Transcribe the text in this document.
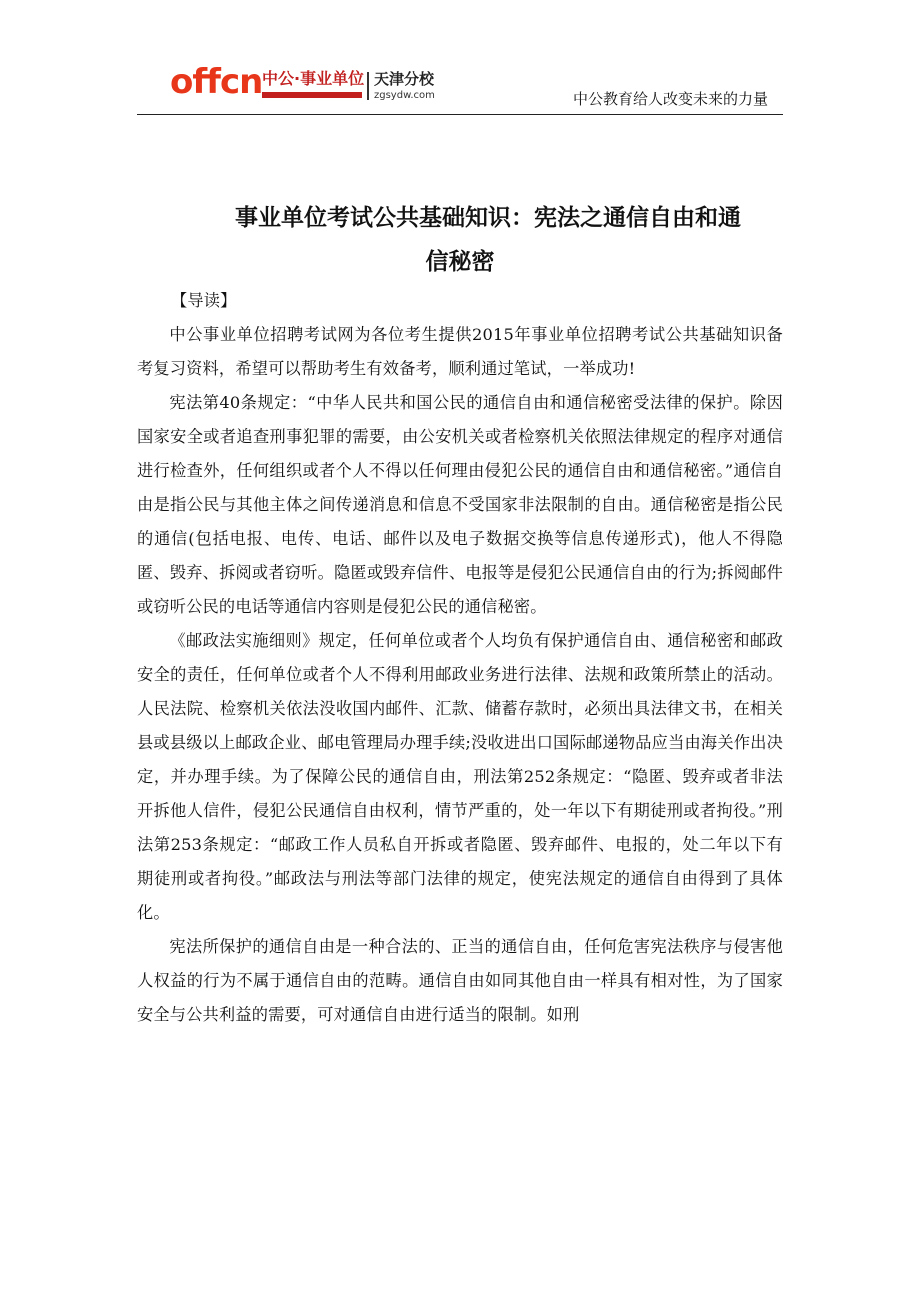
offcn 中公·事业单位 天津分校
zgsydw.com	中公教育给人改变未来的力量
事业单位考试公共基础知识：宪法之通信自由和通
信秘密

【导读】

中公事业单位招聘考试网为各位考生提供2015年事业单位招聘考试公共基础知识备考复习资料，希望可以帮助考生有效备考，顺利通过笔试，一举成功!

宪法第40条规定：“中华人民共和国公民的通信自由和通信秘密受法律的保护。除因国家安全或者追查刑事犯罪的需要，由公安机关或者检察机关依照法律规定的程序对通信进行检查外，任何组织或者个人不得以任何理由侵犯公民的通信自由和通信秘密。”通信自由是指公民与其他主体之间传递消息和信息不受国家非法限制的自由。通信秘密是指公民的通信(包括电报、电传、电话、邮件以及电子数据交换等信息传递形式)，他人不得隐匿、毁弃、拆阅或者窃听。隐匿或毁弃信件、电报等是侵犯公民通信自由的行为;拆阅邮件或窃听公民的电话等通信内容则是侵犯公民的通信秘密。

《邮政法实施细则》规定，任何单位或者个人均负有保护通信自由、通信秘密和邮政安全的责任，任何单位或者个人不得利用邮政业务进行法律、法规和政策所禁止的活动。人民法院、检察机关依法没收国内邮件、汇款、储蓄存款时，必须出具法律文书，在相关县或县级以上邮政企业、邮电管理局办理手续;没收进出口国际邮递物品应当由海关作出决定，并办理手续。为了保障公民的通信自由，刑法第252条规定：“隐匿、毁弃或者非法开拆他人信件，侵犯公民通信自由权利，情节严重的，处一年以下有期徒刑或者拘役。”刑法第253条规定：“邮政工作人员私自开拆或者隐匿、毁弃邮件、电报的，处二年以下有期徒刑或者拘役。”邮政法与刑法等部门法律的规定，使宪法规定的通信自由得到了具体化。

宪法所保护的通信自由是一种合法的、正当的通信自由，任何危害宪法秩序与侵害他人权益的行为不属于通信自由的范畴。通信自由如同其他自由一样具有相对性，为了国家安全与公共利益的需要，可对通信自由进行适当的限制。如刑
